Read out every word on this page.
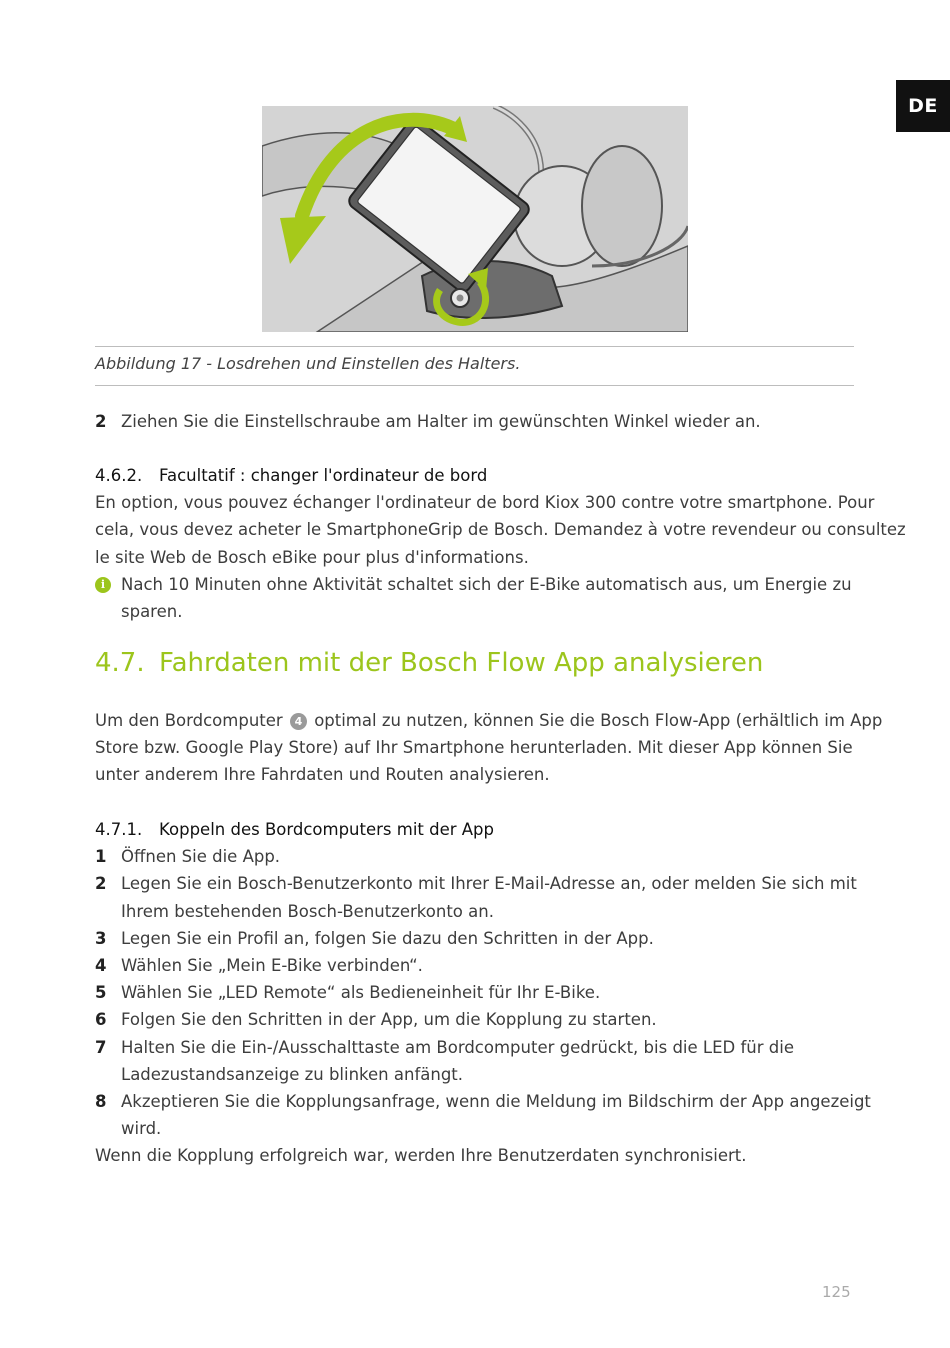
DE
Abbildung 17 - Losdrehen und Einstellen des Halters.
2 Ziehen Sie die Einstellschraube am Halter im gewünschten Winkel wieder an.
4.6.2. Facultatif : changer l'ordinateur de bord
En option, vous pouvez échanger l'ordinateur de bord Kiox 300 contre votre smartphone. Pour
cela, vous devez acheter le SmartphoneGrip de Bosch. Demandez à votre revendeur ou consultez
le site Web de Bosch eBike pour plus d'informations.
i Nach 10 Minuten ohne Aktivität schaltet sich der E-Bike automatisch aus, um Energie zu
sparen.
4.7. Fahrdaten mit der Bosch Flow App analysieren
Um den Bordcomputer 4 optimal zu nutzen, können Sie die Bosch Flow-App (erhältlich im App
Store bzw. Google Play Store) auf Ihr Smartphone herunterladen. Mit dieser App können Sie
unter anderem Ihre Fahrdaten und Routen analysieren.
4.7.1. Koppeln des Bordcomputers mit der App
1 Öffnen Sie die App.
2 Legen Sie ein Bosch-Benutzerkonto mit Ihrer E-Mail-Adresse an, oder melden Sie sich mit
Ihrem bestehenden Bosch-Benutzerkonto an.
3 Legen Sie ein Profil an, folgen Sie dazu den Schritten in der App.
4 Wählen Sie „Mein E-Bike verbinden“.
5 Wählen Sie „LED Remote“ als Bedieneinheit für Ihr E-Bike.
6 Folgen Sie den Schritten in der App, um die Kopplung zu starten.
7 Halten Sie die Ein-/Ausschalttaste am Bordcomputer gedrückt, bis die LED für die
Ladezustandsanzeige zu blinken anfängt.
8 Akzeptieren Sie die Kopplungsanfrage, wenn die Meldung im Bildschirm der App angezeigt
wird.
Wenn die Kopplung erfolgreich war, werden Ihre Benutzerdaten synchronisiert.
125
